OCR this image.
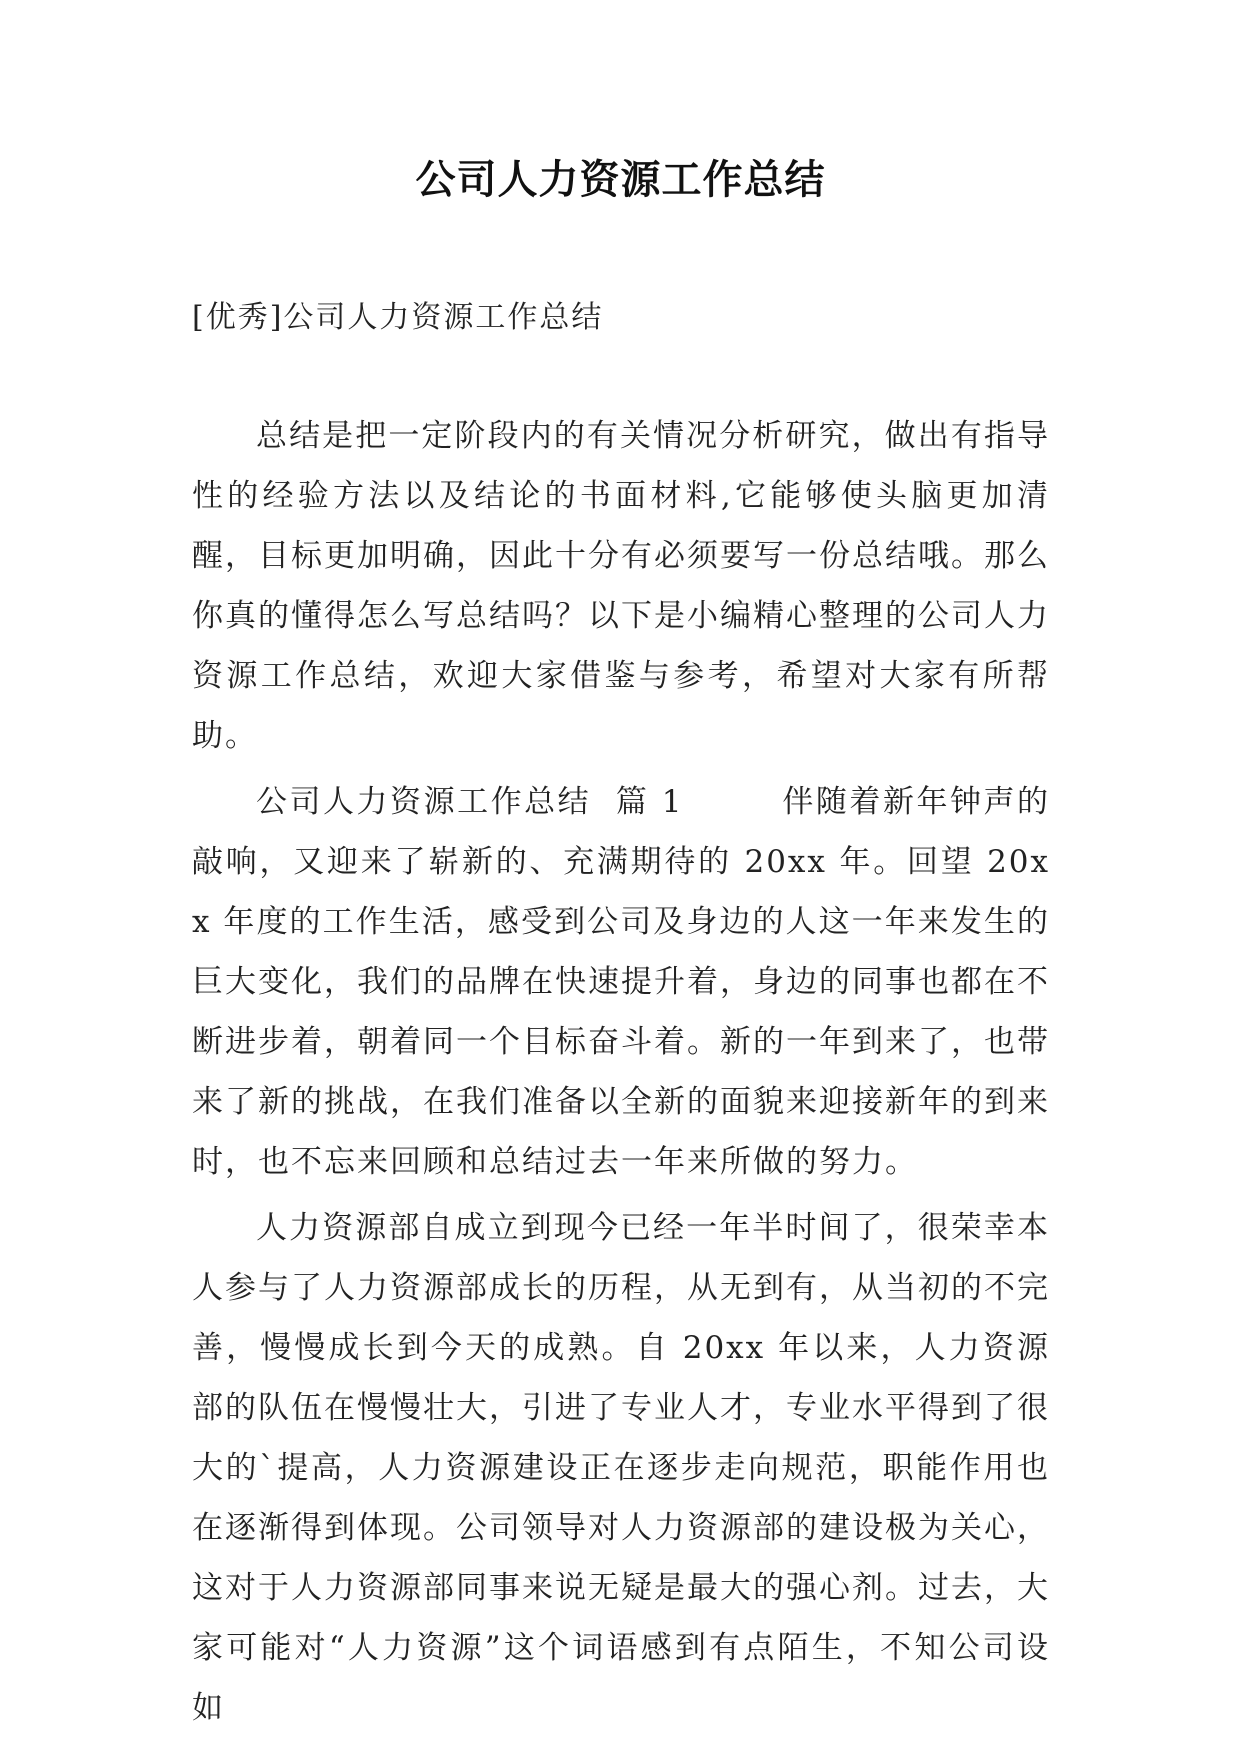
公司人力资源工作总结
[优秀]公司人力资源工作总结

总结是把一定阶段内的有关情况分析研究，做出有指导性的经验方法以及结论的书面材料,它能够使头脑更加清醒，目标更加明确，因此十分有必须要写一份总结哦。那么你真的懂得怎么写总结吗？以下是小编精心整理的公司人力资源工作总结，欢迎大家借鉴与参考，希望对大家有所帮助。

公司人力资源工作总结  篇 1        伴随着新年钟声的敲响，又迎来了崭新的、充满期待的 20xx 年。回望 20xx 年度的工作生活，感受到公司及身边的人这一年来发生的巨大变化，我们的品牌在快速提升着，身边的同事也都在不断进步着，朝着同一个目标奋斗着。新的一年到来了，也带来了新的挑战，在我们准备以全新的面貌来迎接新年的到来时，也不忘来回顾和总结过去一年来所做的努力。

人力资源部自成立到现今已经一年半时间了，很荣幸本人参与了人力资源部成长的历程，从无到有，从当初的不完善，慢慢成长到今天的成熟。自 20xx 年以来，人力资源部的队伍在慢慢壮大，引进了专业人才，专业水平得到了很大的`提高，人力资源建设正在逐步走向规范，职能作用也在逐渐得到体现。公司领导对人力资源部的建设极为关心，这对于人力资源部同事来说无疑是最大的强心剂。过去，大家可能对“人力资源”这个词语感到有点陌生，不知公司设如
